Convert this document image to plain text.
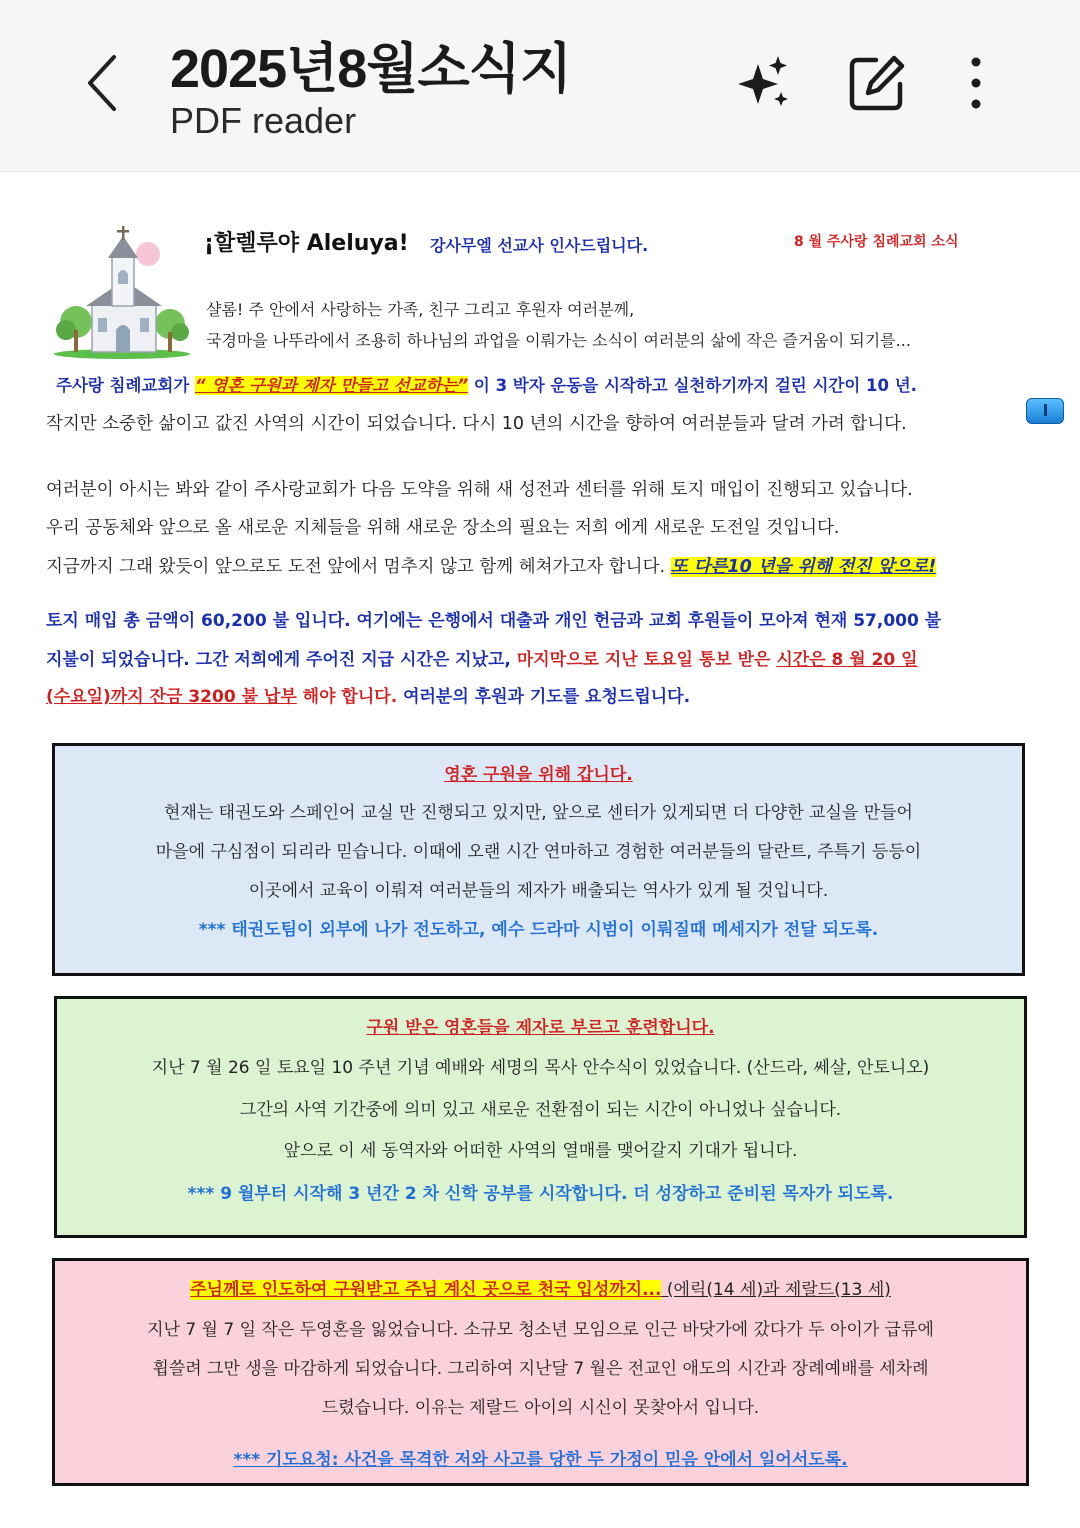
2025년8월소식지
PDF reader
¡할렐루야 Aleluya! 강사무엘 선교사 인사드립니다.	8 월 주사랑 침례교회 소식
샬롬! 주 안에서 사랑하는 가족, 친구 그리고 후원자 여러분께,
국경마을 나뚜라에서 조용히 하나님의 과업을 이뤄가는 소식이 여러분의 삶에 작은 즐거움이 되기를...
주사랑 침례교회가 “ 영혼 구원과 제자 만들고 선교하는” 이 3 박자 운동을 시작하고 실천하기까지 걸린 시간이 10 년.
작지만 소중한 삶이고 값진 사역의 시간이 되었습니다. 다시 10 년의 시간을 향하여 여러분들과 달려 가려 합니다.
여러분이 아시는 봐와 같이 주사랑교회가 다음 도약을 위해 새 성전과 센터를 위해 토지 매입이 진행되고 있습니다.
우리 공동체와 앞으로 올 새로운 지체들을 위해 새로운 장소의 필요는 저희 에게 새로운 도전일 것입니다.
지금까지 그래 왔듯이 앞으로도 도전 앞에서 멈추지 않고 함께 헤쳐가고자 합니다. 또 다른10 년을 위해 전진 앞으로!
토지 매입 총 금액이 60,200 불 입니다. 여기에는 은행에서 대출과 개인 헌금과 교회 후원들이 모아져 현재 57,000 불
지불이 되었습니다. 그간 저희에게 주어진 지급 시간은 지났고, 마지막으로 지난 토요일 통보 받은 시간은 8 월 20 일
(수요일)까지 잔금 3200 불 납부 해야 합니다. 여러분의 후원과 기도를 요청드립니다.
영혼 구원을 위해 갑니다.
현재는 태권도와 스페인어 교실 만 진행되고 있지만, 앞으로 센터가 있게되면 더 다양한 교실을 만들어
마을에 구심점이 되리라 믿습니다. 이때에 오랜 시간 연마하고 경험한 여러분들의 달란트, 주특기 등등이
이곳에서 교육이 이뤄져 여러분들의 제자가 배출되는 역사가 있게 될 것입니다.
*** 태권도팀이 외부에 나가 전도하고, 예수 드라마 시범이 이뤄질때 메세지가 전달 되도록.
구원 받은 영혼들을 제자로 부르고 훈련합니다.
지난 7 월 26 일 토요일 10 주년 기념 예배와 세명의 목사 안수식이 있었습니다. (산드라, 쎄살, 안토니오)
그간의 사역 기간중에 의미 있고 새로운 전환점이 되는 시간이 아니었나 싶습니다.
앞으로 이 세 동역자와 어떠한 사역의 열매를 맺어갈지 기대가 됩니다.
*** 9 월부터 시작해 3 년간 2 차 신학 공부를 시작합니다. 더 성장하고 준비된 목자가 되도록.
주님께로 인도하여 구원받고 주님 계신 곳으로 천국 입성까지... (에릭(14 세)과 제랄드(13 세)
지난 7 월 7 일 작은 두영혼을 잃었습니다. 소규모 청소년 모임으로 인근 바닷가에 갔다가 두 아이가 급류에
휩쓸려 그만 생을 마감하게 되었습니다. 그리하여 지난달 7 월은 전교인 애도의 시간과 장례예배를 세차례
드렸습니다. 이유는 제랄드 아이의 시신이 못찾아서 입니다.
*** 기도요청: 사건을 목격한 저와 사고를 당한 두 가정이 믿음 안에서 일어서도록.
